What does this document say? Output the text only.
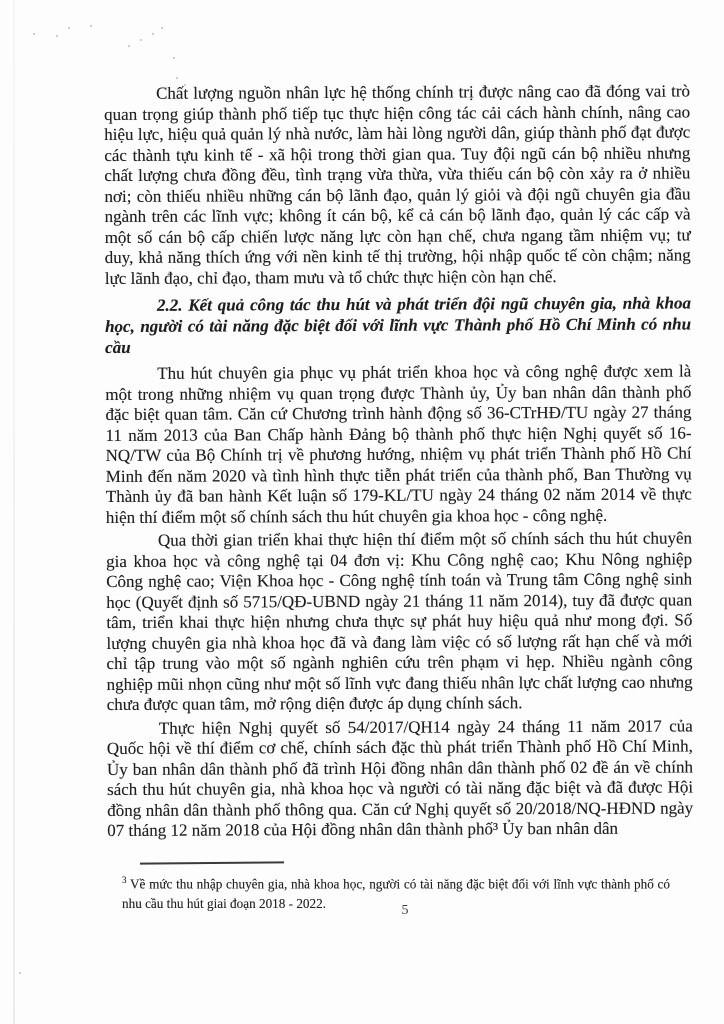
Chất lượng nguồn nhân lực hệ thống chính trị được nâng cao đã đóng vai trò quan trọng giúp thành phố tiếp tục thực hiện công tác cải cách hành chính, nâng cao hiệu lực, hiệu quả quản lý nhà nước, làm hài lòng người dân, giúp thành phố đạt được các thành tựu kinh tế - xã hội trong thời gian qua. Tuy đội ngũ cán bộ nhiều nhưng chất lượng chưa đồng đều, tình trạng vừa thừa, vừa thiếu cán bộ còn xảy ra ở nhiều nơi; còn thiếu nhiều những cán bộ lãnh đạo, quản lý giỏi và đội ngũ chuyên gia đầu ngành trên các lĩnh vực; không ít cán bộ, kể cả cán bộ lãnh đạo, quản lý các cấp và một số cán bộ cấp chiến lược năng lực còn hạn chế, chưa ngang tầm nhiệm vụ; tư duy, khả năng thích ứng với nền kinh tế thị trường, hội nhập quốc tế còn chậm; năng lực lãnh đạo, chỉ đạo, tham mưu và tổ chức thực hiện còn hạn chế.

2.2. Kết quả công tác thu hút và phát triển đội ngũ chuyên gia, nhà khoa học, người có tài năng đặc biệt đối với lĩnh vực Thành phố Hồ Chí Minh có nhu cầu

Thu hút chuyên gia phục vụ phát triển khoa học và công nghệ được xem là một trong những nhiệm vụ quan trọng được Thành ủy, Ủy ban nhân dân thành phố đặc biệt quan tâm. Căn cứ Chương trình hành động số 36-CTrHĐ/TU ngày 27 tháng 11 năm 2013 của Ban Chấp hành Đảng bộ thành phố thực hiện Nghị quyết số 16-NQ/TW của Bộ Chính trị về phương hướng, nhiệm vụ phát triển Thành phố Hồ Chí Minh đến năm 2020 và tình hình thực tiễn phát triển của thành phố, Ban Thường vụ Thành ủy đã ban hành Kết luận số 179-KL/TU ngày 24 tháng 02 năm 2014 về thực hiện thí điểm một số chính sách thu hút chuyên gia khoa học - công nghệ.

Qua thời gian triển khai thực hiện thí điểm một số chính sách thu hút chuyên gia khoa học và công nghệ tại 04 đơn vị: Khu Công nghệ cao; Khu Nông nghiệp Công nghệ cao; Viện Khoa học - Công nghệ tính toán và Trung tâm Công nghệ sinh học (Quyết định số 5715/QĐ-UBND ngày 21 tháng 11 năm 2014), tuy đã được quan tâm, triển khai thực hiện nhưng chưa thực sự phát huy hiệu quả như mong đợi. Số lượng chuyên gia nhà khoa học đã và đang làm việc có số lượng rất hạn chế và mới chỉ tập trung vào một số ngành nghiên cứu trên phạm vi hẹp. Nhiều ngành công nghiệp mũi nhọn cũng như một số lĩnh vực đang thiếu nhân lực chất lượng cao nhưng chưa được quan tâm, mở rộng diện được áp dụng chính sách.

Thực hiện Nghị quyết số 54/2017/QH14 ngày 24 tháng 11 năm 2017 của Quốc hội về thí điểm cơ chế, chính sách đặc thù phát triển Thành phố Hồ Chí Minh, Ủy ban nhân dân thành phố đã trình Hội đồng nhân dân thành phố 02 đề án về chính sách thu hút chuyên gia, nhà khoa học và người có tài năng đặc biệt và đã được Hội đồng nhân dân thành phố thông qua. Căn cứ Nghị quyết số 20/2018/NQ-HĐND ngày 07 tháng 12 năm 2018 của Hội đồng nhân dân thành phố³ Ủy ban nhân dân

$^3$ Về mức thu nhập chuyên gia, nhà khoa học, người có tài năng đặc biệt đối với lĩnh vực thành phố có nhu cầu thu hút giai đoạn 2018 - 2022.	5
